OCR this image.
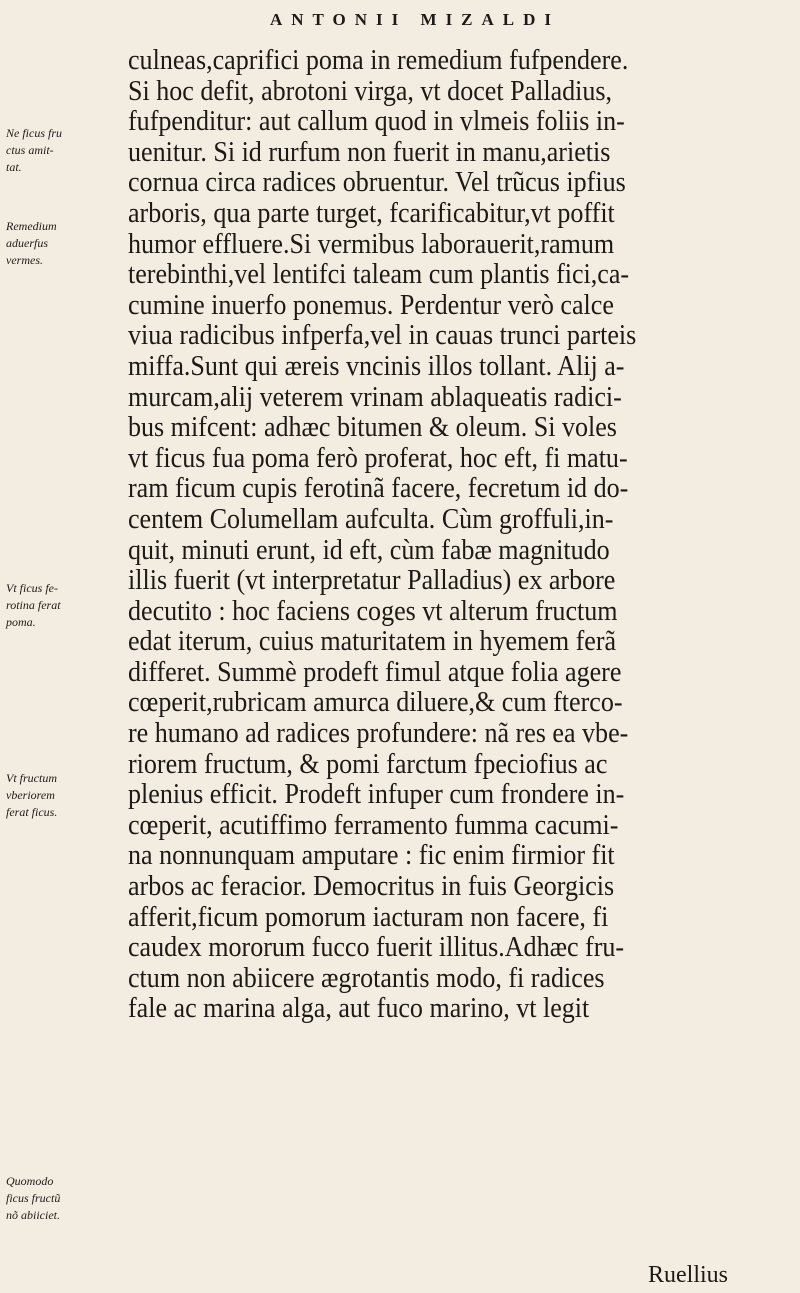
ANTONII MIZALDI
culneas,caprifici poma in remedium fufpendere.
Si hoc defit, abrotoni virga, vt docet Palladius,
fufpenditur: aut callum quod in vlmeis foliis in-
uenitur. Si id rurfum non fuerit in manu,arietis
cornua circa radices obruentur. Vel trũcus ipfius
arboris, qua parte turget, fcarificabitur,vt poffit
humor effluere.Si vermibus laborauerit,ramum
terebinthi,vel lentifci taleam cum plantis fici,ca-
cumine inuerfo ponemus. Perdentur verò calce
viua radicibus infperfa,vel in cauas trunci parteis
miffa.Sunt qui æreis vncinis illos tollant. Alij a-
murcam,alij veterem vrinam ablaqueatis radici-
bus mifcent: adhæc bitumen & oleum. Si voles
vt ficus fua poma ferò proferat, hoc eft, fi matu-
ram ficum cupis ferotinã facere, fecretum id do-
centem Columellam aufculta. Cùm groffuli,in-
quit, minuti erunt, id eft, cùm fabæ magnitudo
illis fuerit (vt interpretatur Palladius) ex arbore
decutito : hoc faciens coges vt alterum fructum
edat iterum, cuius maturitatem in hyemem ferã
differet. Summè prodeft fimul atque folia agere
cœperit,rubricam amurca diluere,& cum fterco-
re humano ad radices profundere: nã res ea vbe-
riorem fructum, & pomi farctum fpeciofius ac
plenius efficit. Prodeft infuper cum frondere in-
cœperit, acutiffimo ferramento fumma cacumi-
na nonnunquam amputare : fic enim firmior fit
arbos ac feracior. Democritus in fuis Georgicis
afferit,ficum pomorum iacturam non facere, fi
caudex mororum fucco fuerit illitus.Adhæc fru-
ctum non abiicere ægrotantis modo, fi radices
fale ac marina alga, aut fuco marino, vt legit
Ne ficus fru
ctus amit-
tat.
Remedium
aduerfus
vermes.
Vt ficus fe-
rotina ferat
poma.
Vt fructum
vberiorem
ferat ficus.
Quomodo
ficus fructũ
nõ abiiciet.
Ruellius
